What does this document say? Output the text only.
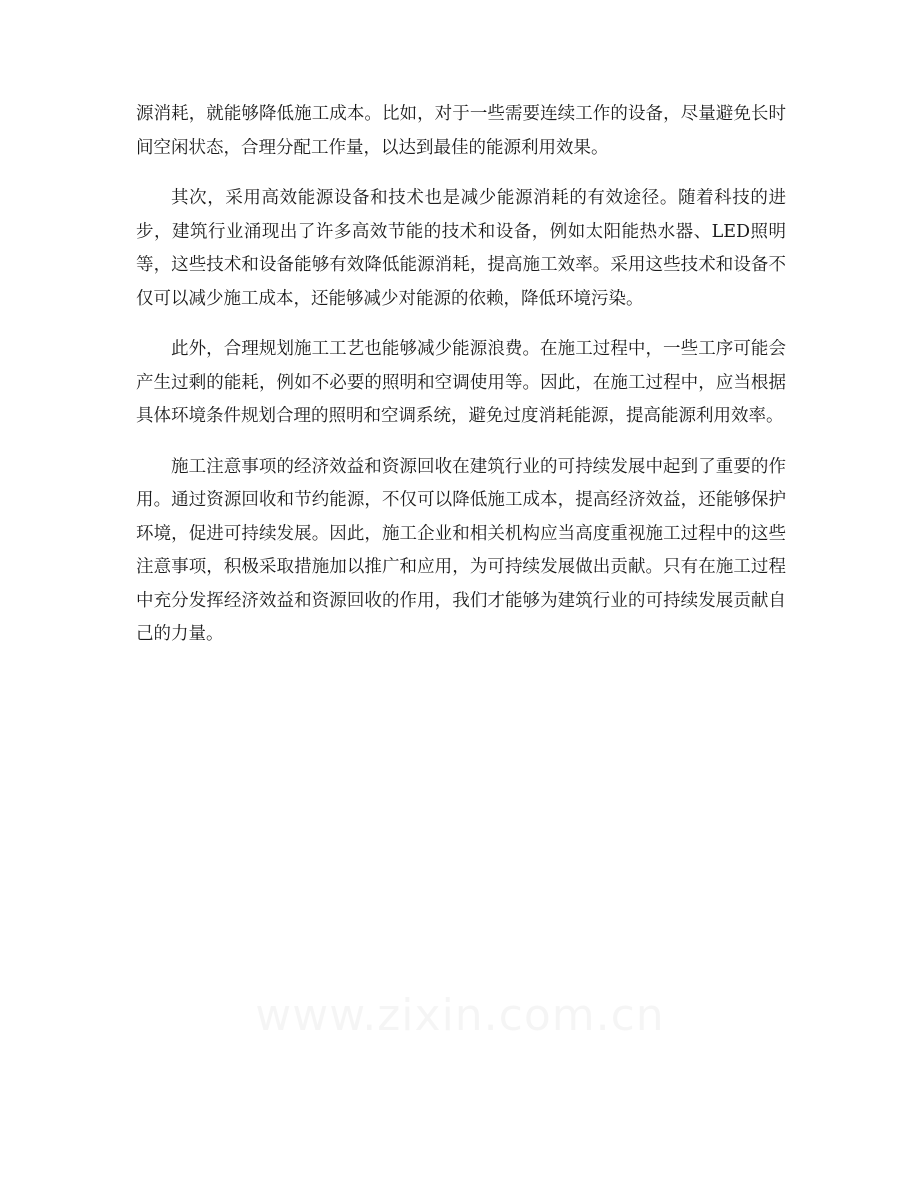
源消耗，就能够降低施工成本。比如，对于一些需要连续工作的设备，尽量避免长时间空闲状态，合理分配工作量，以达到最佳的能源利用效果。

其次，采用高效能源设备和技术也是减少能源消耗的有效途径。随着科技的进步，建筑行业涌现出了许多高效节能的技术和设备，例如太阳能热水器、LED照明等，这些技术和设备能够有效降低能源消耗，提高施工效率。采用这些技术和设备不仅可以减少施工成本，还能够减少对能源的依赖，降低环境污染。

此外，合理规划施工工艺也能够减少能源浪费。在施工过程中，一些工序可能会产生过剩的能耗，例如不必要的照明和空调使用等。因此，在施工过程中，应当根据具体环境条件规划合理的照明和空调系统，避免过度消耗能源，提高能源利用效率。

施工注意事项的经济效益和资源回收在建筑行业的可持续发展中起到了重要的作用。通过资源回收和节约能源，不仅可以降低施工成本，提高经济效益，还能够保护环境，促进可持续发展。因此，施工企业和相关机构应当高度重视施工过程中的这些注意事项，积极采取措施加以推广和应用，为可持续发展做出贡献。只有在施工过程中充分发挥经济效益和资源回收的作用，我们才能够为建筑行业的可持续发展贡献自己的力量。
